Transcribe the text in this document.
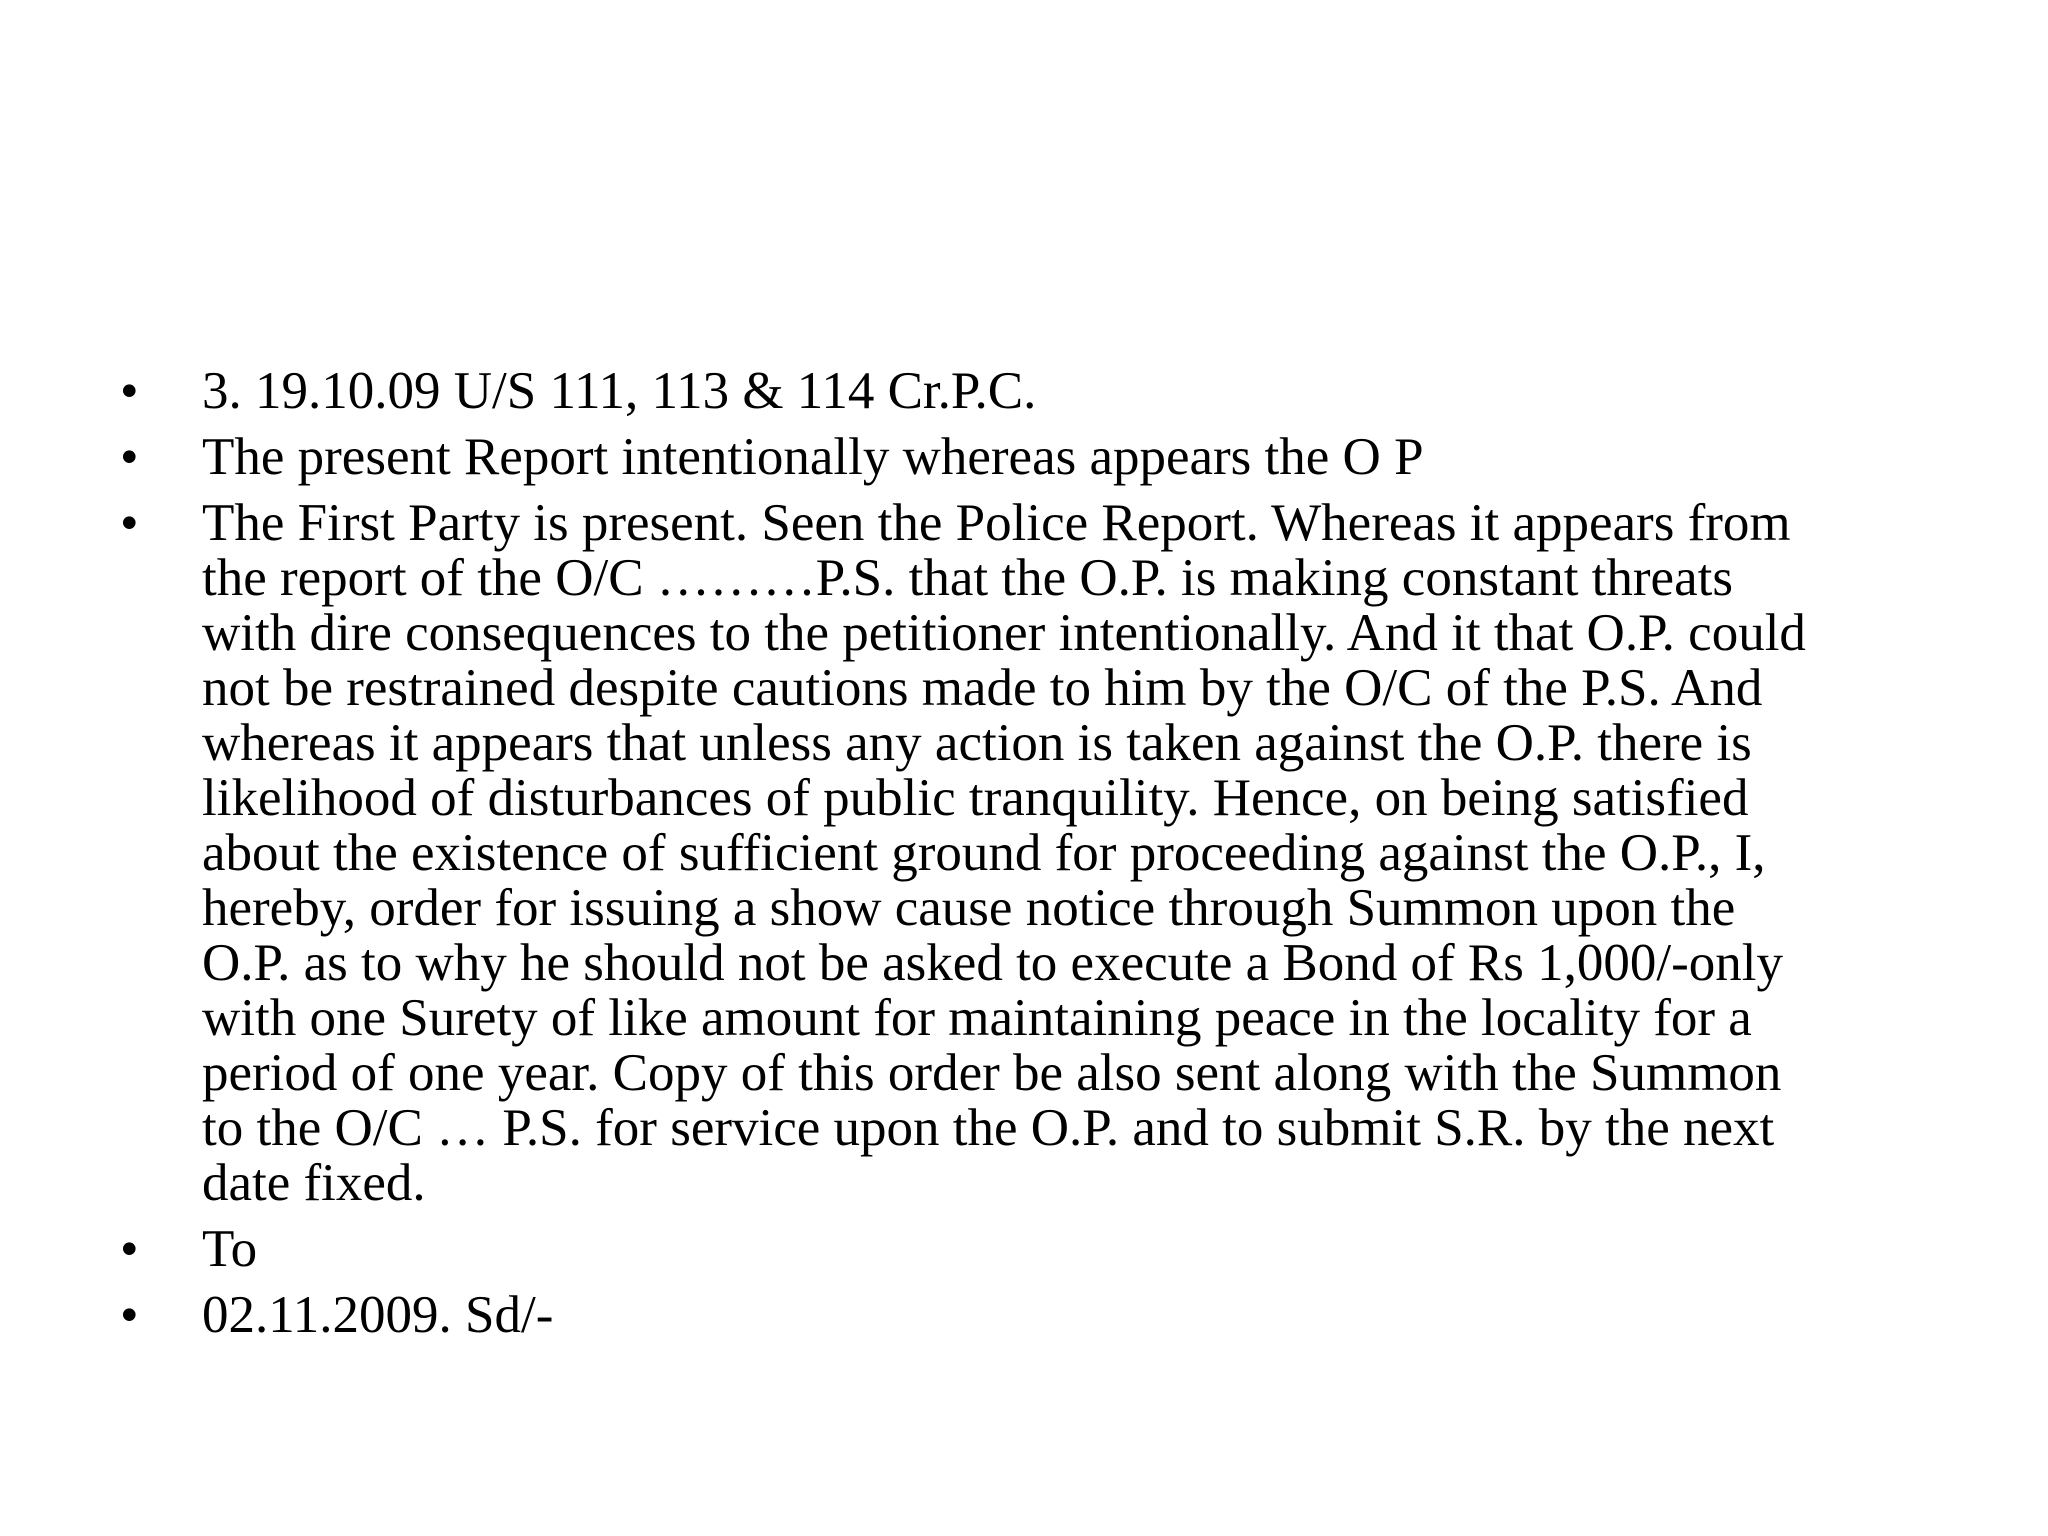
•	3. 19.10.09 U/S 111, 113 & 114 Cr.P.C.
•	The present Report intentionally whereas appears the O P
•	The First Party is present. Seen the Police Report. Whereas it appears from
the report of the O/C ………P.S. that the O.P. is making constant threats
with dire consequences to the petitioner intentionally. And it that O.P. could
not be restrained despite cautions made to him by the O/C of the P.S. And
whereas it appears that unless any action is taken against the O.P. there is
likelihood of disturbances of public tranquility. Hence, on being satisfied
about the existence of sufficient ground for proceeding against the O.P., I,
hereby, order for issuing a show cause notice through Summon upon the
O.P. as to why he should not be asked to execute a Bond of Rs 1,000/-only
with one Surety of like amount for maintaining peace in the locality for a
period of one year. Copy of this order be also sent along with the Summon
to the O/C … P.S. for service upon the O.P. and to submit S.R. by the next
date fixed.
•	To
•	02.11.2009. Sd/-
